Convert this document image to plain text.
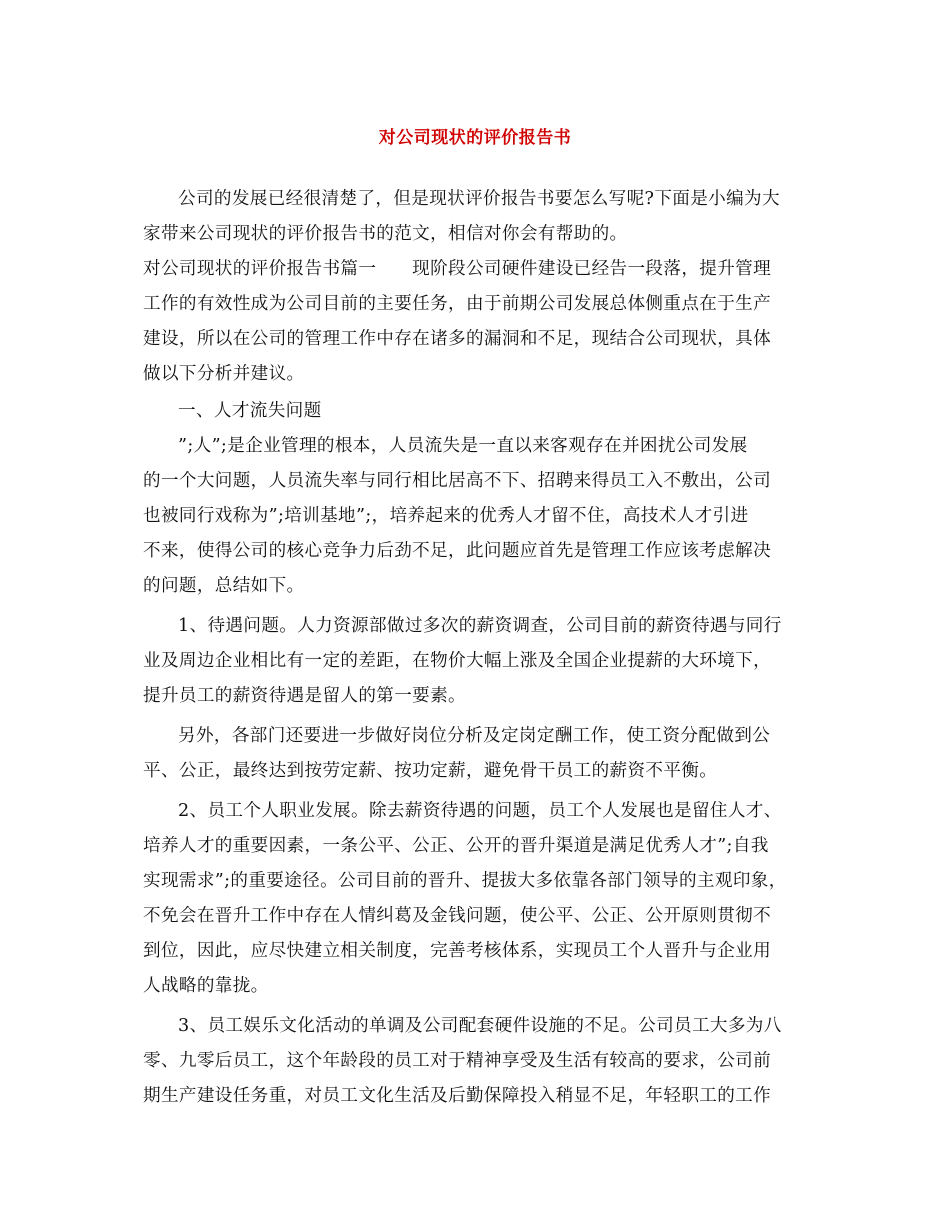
对公司现状的评价报告书
公司的发展已经很清楚了，但是现状评价报告书要怎么写呢?下面是小编为大
家带来公司现状的评价报告书的范文，相信对你会有帮助的。
对公司现状的评价报告书篇一　　现阶段公司硬件建设已经告一段落，提升管理
工作的有效性成为公司目前的主要任务，由于前期公司发展总体侧重点在于生产
建设，所以在公司的管理工作中存在诸多的漏洞和不足，现结合公司现状，具体
做以下分析并建议。
一、人才流失问题
”;人”;是企业管理的根本，人员流失是一直以来客观存在并困扰公司发展
的一个大问题，人员流失率与同行相比居高不下、招聘来得员工入不敷出，公司
也被同行戏称为”;培训基地”;，培养起来的优秀人才留不住，高技术人才引进
不来，使得公司的核心竞争力后劲不足，此问题应首先是管理工作应该考虑解决
的问题，总结如下。
1、待遇问题。人力资源部做过多次的薪资调查，公司目前的薪资待遇与同行
业及周边企业相比有一定的差距，在物价大幅上涨及全国企业提薪的大环境下，
提升员工的薪资待遇是留人的第一要素。
另外，各部门还要进一步做好岗位分析及定岗定酬工作，使工资分配做到公
平、公正，最终达到按劳定薪、按功定薪，避免骨干员工的薪资不平衡。
2、员工个人职业发展。除去薪资待遇的问题，员工个人发展也是留住人才、
培养人才的重要因素，一条公平、公正、公开的晋升渠道是满足优秀人才”;自我
实现需求”;的重要途径。公司目前的晋升、提拔大多依靠各部门领导的主观印象，
不免会在晋升工作中存在人情纠葛及金钱问题，使公平、公正、公开原则贯彻不
到位，因此，应尽快建立相关制度，完善考核体系，实现员工个人晋升与企业用
人战略的靠拢。
3、员工娱乐文化活动的单调及公司配套硬件设施的不足。公司员工大多为八
零、九零后员工，这个年龄段的员工对于精神享受及生活有较高的要求，公司前
期生产建设任务重，对员工文化生活及后勤保障投入稍显不足，年轻职工的工作
